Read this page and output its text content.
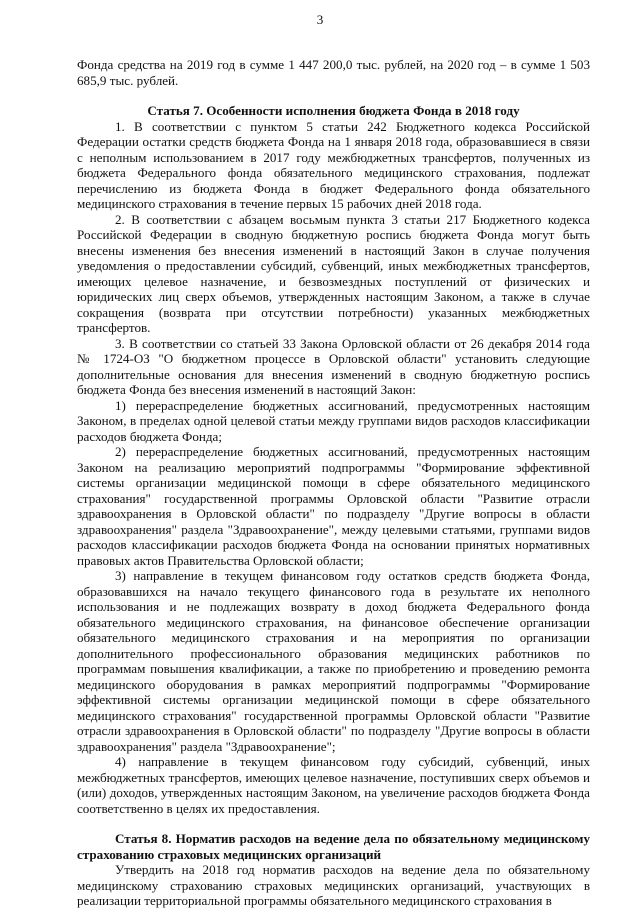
3

Фонда средства на 2019 год в сумме 1 447 200,0 тыс. рублей, на 2020 год – в сумме 1 503 685,9 тыс. рублей.

Статья 7. Особенности исполнения бюджета Фонда в 2018 году

1. В соответствии с пунктом 5 статьи 242 Бюджетного кодекса Российской Федерации остатки средств бюджета Фонда на 1 января 2018 года, образовавшиеся в связи с неполным использованием в 2017 году межбюджетных трансфертов, полученных из бюджета Федерального фонда обязательного медицинского страхования, подлежат перечислению из бюджета Фонда в бюджет Федерального фонда обязательного медицинского страхования в течение первых 15 рабочих дней 2018 года.

2. В соответствии с абзацем восьмым пункта 3 статьи 217 Бюджетного кодекса Российской Федерации в сводную бюджетную роспись бюджета Фонда могут быть внесены изменения без внесения изменений в настоящий Закон в случае получения уведомления о предоставлении субсидий, субвенций, иных межбюджетных трансфертов, имеющих целевое назначение, и безвозмездных поступлений от физических и юридических лиц сверх объемов, утвержденных настоящим Законом, а также в случае сокращения (возврата при отсутствии потребности) указанных межбюджетных трансфертов.

3. В соответствии со статьей 33 Закона Орловской области от 26 декабря 2014 года № 1724-ОЗ "О бюджетном процессе в Орловской области" установить следующие дополнительные основания для внесения изменений в сводную бюджетную роспись бюджета Фонда без внесения изменений в настоящий Закон:

1) перераспределение бюджетных ассигнований, предусмотренных настоящим Законом, в пределах одной целевой статьи между группами видов расходов классификации расходов бюджета Фонда;

2) перераспределение бюджетных ассигнований, предусмотренных настоящим Законом на реализацию мероприятий подпрограммы "Формирование эффективной системы организации медицинской помощи в сфере обязательного медицинского страхования" государственной программы Орловской области "Развитие отрасли здравоохранения в Орловской области" по подразделу "Другие вопросы в области здравоохранения" раздела "Здравоохранение", между целевыми статьями, группами видов расходов классификации расходов бюджета Фонда на основании принятых нормативных правовых актов Правительства Орловской области;

3) направление в текущем финансовом году остатков средств бюджета Фонда, образовавшихся на начало текущего финансового года в результате их неполного использования и не подлежащих возврату в доход бюджета Федерального фонда обязательного медицинского страхования, на финансовое обеспечение организации обязательного медицинского страхования и на мероприятия по организации дополнительного профессионального образования медицинских работников по программам повышения квалификации, а также по приобретению и проведению ремонта медицинского оборудования в рамках мероприятий подпрограммы "Формирование эффективной системы организации медицинской помощи в сфере обязательного медицинского страхования" государственной программы Орловской области "Развитие отрасли здравоохранения в Орловской области" по подразделу "Другие вопросы в области здравоохранения" раздела "Здравоохранение";

4) направление в текущем финансовом году субсидий, субвенций, иных межбюджетных трансфертов, имеющих целевое назначение, поступивших сверх объемов и (или) доходов, утвержденных настоящим Законом, на увеличение расходов бюджета Фонда соответственно в целях их предоставления.

Статья 8. Норматив расходов на ведение дела по обязательному медицинскому страхованию страховых медицинских организаций

Утвердить на 2018 год норматив расходов на ведение дела по обязательному медицинскому страхованию страховых медицинских организаций, участвующих в реализации территориальной программы обязательного медицинского страхования в
